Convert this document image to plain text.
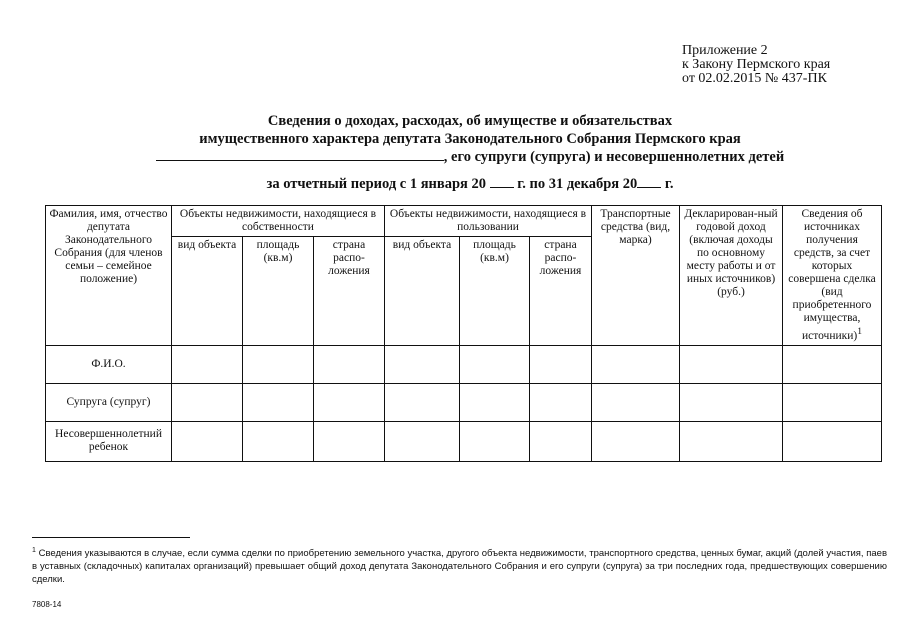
Приложение 2
к Закону Пермского края
от 02.02.2015 № 437-ПК
Сведения о доходах, расходах, об имуществе и обязательствах
имущественного характера депутата Законодательного Собрания Пермского края
, его супруги (супруга) и несовершеннолетних детей
за отчетный период с 1 января 20 г. по 31 декабря 20 г.
Фамилия, имя, отчество депутата Законодательного Собрания (для членов семьи – семейное положение)	Объекты недвижимости, находящиеся в собственности			Объекты недвижимости, находящиеся в пользовании			Транспортные средства (вид, марка)	Декларирован-ный годовой доход (включая доходы по основному месту работы и от иных источников) (руб.)	Сведения об источниках получения средств, за счет которых совершена сделка (вид приобретенного имущества, источники)$^1$
	вид объекта	площадь (кв.м)	страна распо-ложения	вид объекта	площадь (кв.м)	страна распо-ложения			
Ф.И.О.									
Супруга (супруг)									
Несовершеннолетний ребенок									
$^1$ Сведения указываются в случае, если сумма сделки по приобретению земельного участка, другого объекта недвижимости, транспортного средства, ценных бумаг, акций (долей участия, паев в уставных (складочных) капиталах организаций) превышает общий доход депутата Законодательного Собрания и его супруги (супруга) за три последних года, предшествующих совершению сделки.
7808-14
